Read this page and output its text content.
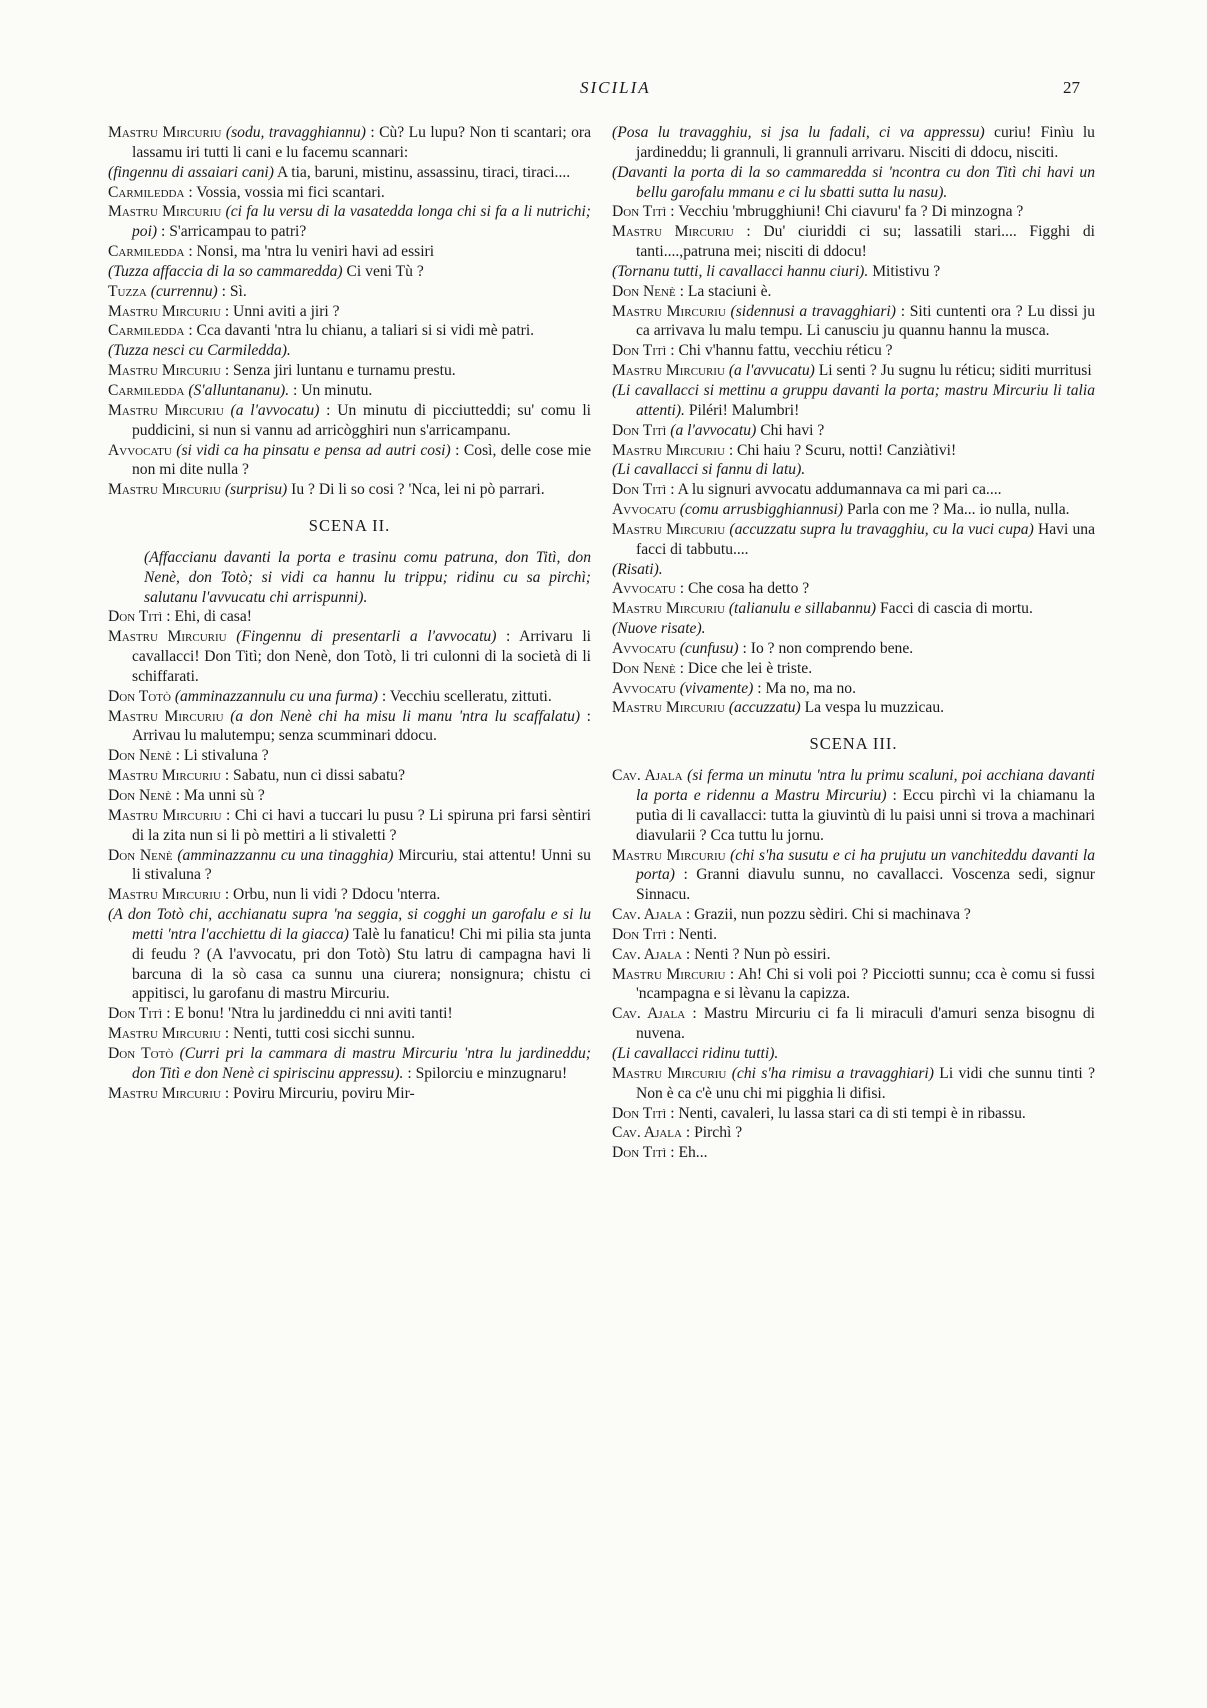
SICILIA	27
Mastru Mircuriu (sodu, travagghiannu) : Cù? Lu lupu? Non ti scantari; ora lassamu iri tutti li cani e lu facemu scannari:
(fingennu di assaiari cani) A tia, baruni, mistinu, assassinu, tiraci, tiraci....
Carmiledda : Vossia, vossia mi fici scantari.
Mastru Mircuriu (ci fa lu versu di la vasatedda longa chi si fa a li nutrichi; poi) : S'arricampau to patri?
Carmiledda : Nonsi, ma 'ntra lu veniri havi ad essiri
(Tuzza affaccia di la so cammaredda) Ci veni Tù ?
Tuzza (currennu) : Sì.
Mastru Mircuriu : Unni aviti a jiri ?
Carmiledda : Cca davanti 'ntra lu chianu, a taliari si si vidi mè patri.
(Tuzza nesci cu Carmiledda).
Mastru Mircuriu : Senza jiri luntanu e turnamu prestu.
Carmiledda (S'alluntananu). : Un minutu.
Mastru Mircuriu (a l'avvocatu) : Un minutu di picciutteddi; su' comu li puddicini, si nun si vannu ad arricògghiri nun s'arricampanu.
Avvocatu (si vidi ca ha pinsatu e pensa ad autri cosi) : Così, delle cose mie non mi dite nulla ?
Mastru Mircuriu (surprisu) Iu ? Di li so cosi ? 'Nca, lei ni pò parrari.
SCENA II.
(Affaccianu davanti la porta e trasinu comu patruna, don Titì, don Nenè, don Totò; si vidi ca hannu lu trippu; ridinu cu sa pirchì; salutanu l'avvucatu chi arrispunni).
Don Titì : Ehi, di casa!
Mastru Mircuriu (Fingennu di presentarli a l'avvocatu) : Arrivaru li cavallacci! Don Titì; don Nenè, don Totò, li tri culonni di la società di li schiffarati.
Don Totò (amminazzannulu cu una furma) : Vecchiu scelleratu, zittuti.
Mastru Mircuriu (a don Nenè chi ha misu li manu 'ntra lu scaffalatu) : Arrivau lu malutempu; senza scumminari ddocu.
Don Nenè : Li stivaluna ?
Mastru Mircuriu : Sabatu, nun ci dissi sabatu?
Don Nenè : Ma unni sù ?
Mastru Mircuriu : Chi ci havi a tuccari lu pusu ? Li spiruna pri farsi sèntiri di la zita nun si li pò mettiri a li stivaletti ?
Don Nenè (amminazzannu cu una tinagghia) Mircuriu, stai attentu! Unni su li stivaluna ?
Mastru Mircuriu : Orbu, nun li vidi ? Ddocu 'nterra.
(A don Totò chi, acchianatu supra 'na seggia, si cogghi un garofalu e si lu metti 'ntra l'acchiettu di la giacca) Talè lu fanaticu! Chi mi pilia sta junta di feudu ? (A l'avvocatu, pri don Totò) Stu latru di campagna havi li barcuna di la sò casa ca sunnu una ciurera; nonsignura; chistu ci appitisci, lu garofanu di mastru Mircuriu.
Don Titì : E bonu! 'Ntra lu jardineddu ci nni aviti tanti!
Mastru Mircuriu : Nenti, tutti cosi sicchi sunnu.
Don Totò (Curri pri la cammara di mastru Mircuriu 'ntra lu jardineddu; don Titì e don Nenè ci spiriscinu appressu). : Spilorciu e minzugnaru!
Mastru Mircuriu : Poviru Mircuriu, poviru Mir-
(Posa lu travagghiu, si jsa lu fadali, ci va appressu) curiu! Finìu lu jardineddu; li grannuli, li grannuli arrivaru. Nisciti di ddocu, nisciti.
(Davanti la porta di la so cammaredda si 'ncontra cu don Titì chi havi un bellu garofalu mmanu e ci lu sbatti sutta lu nasu).
Don Titì : Vecchiu 'mbrugghiuni! Chi ciavuru' fa ? Di minzogna ?
Mastru Mircuriu : Du' ciuriddi ci su; lassatili stari.... Figghi di tanti....,patruna mei; nisciti di ddocu!
(Tornanu tutti, li cavallacci hannu ciuri). Mitistivu ?
Don Nenè : La staciuni è.
Mastru Mircuriu (sidennusi a travagghiari) : Siti cuntenti ora ? Lu dissi ju ca arrivava lu malu tempu. Li canusciu ju quannu hannu la musca.
Don Titì : Chi v'hannu fattu, vecchiu réticu ?
Mastru Mircuriu (a l'avvucatu) Li senti ? Ju sugnu lu réticu; siditi murritusi
(Li cavallacci si mettinu a gruppu davanti la porta; mastru Mircuriu li talia attenti). Piléri! Malumbri!
Don Titì (a l'avvocatu) Chi havi ?
Mastru Mircuriu : Chi haiu ? Scuru, notti! Canziàtivi!
(Li cavallacci si fannu di latu).
Don Titì : A lu signuri avvocatu addumannava ca mi pari ca....
Avvocatu (comu arrusbigghiannusi) Parla con me ? Ma... io nulla, nulla.
Mastru Mircuriu (accuzzatu supra lu travagghiu, cu la vuci cupa) Havi una facci di tabbutu....
(Risati).
Avvocatu : Che cosa ha detto ?
Mastru Mircuriu (talianulu e sillabannu) Facci di cascia di mortu.
(Nuove risate).
Avvocatu (cunfusu) : Io ? non comprendo bene.
Don Nenè : Dice che lei è triste.
Avvocatu (vivamente) : Ma no, ma no.
Mastru Mircuriu (accuzzatu) La vespa lu muzzicau.
SCENA III.
Cav. Ajala (si ferma un minutu 'ntra lu primu scaluni, poi acchiana davanti la porta e ridennu a Mastru Mircuriu) : Eccu pirchì vi la chiamanu la putìa di li cavallacci: tutta la giuvintù di lu paisi unni si trova a machinari diavularii ? Cca tuttu lu jornu.
Mastru Mircuriu (chi s'ha susutu e ci ha prujutu un vanchiteddu davanti la porta) : Granni diavulu sunnu, no cavallacci. Voscenza sedi, signur Sinnacu.
Cav. Ajala : Grazii, nun pozzu sèdiri. Chi si machinava ?
Don Titì : Nenti.
Cav. Ajala : Nenti ? Nun pò essiri.
Mastru Mircuriu : Ah! Chi si voli poi ? Picciotti sunnu; cca è comu si fussi 'ncampagna e si lèvanu la capizza.
Cav. Ajala : Mastru Mircuriu ci fa li miraculi d'amuri senza bisognu di nuvena.
(Li cavallacci ridinu tutti).
Mastru Mircuriu (chi s'ha rimisu a travagghiari) Li vidi che sunnu tinti ? Non è ca c'è unu chi mi pigghia li difisi.
Don Titì : Nenti, cavaleri, lu lassa stari ca di sti tempi è in ribassu.
Cav. Ajala : Pirchì ?
Don Titì : Eh...
